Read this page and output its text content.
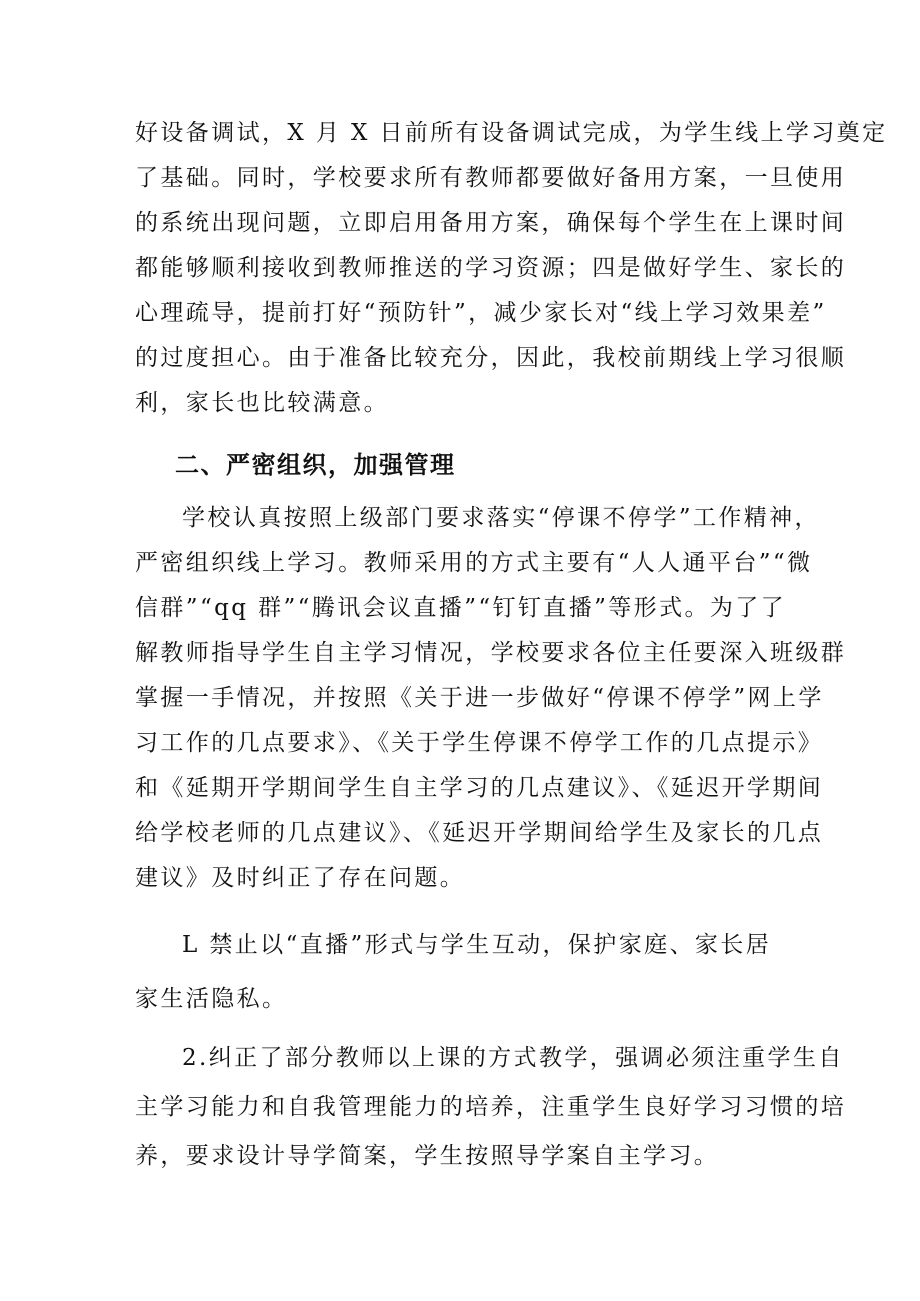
好设备调试，X 月 X 日前所有设备调试完成，为学生线上学习奠定
了基础。同时，学校要求所有教师都要做好备用方案，一旦使用
的系统出现问题，立即启用备用方案，确保每个学生在上课时间
都能够顺利接收到教师推送的学习资源；四是做好学生、家长的
心理疏导，提前打好“预防针”，减少家长对“线上学习效果差”
的过度担心。由于准备比较充分，因此，我校前期线上学习很顺
利，家长也比较满意。
二、严密组织，加强管理
学校认真按照上级部门要求落实“停课不停学”工作精神，
严密组织线上学习。教师采用的方式主要有“人人通平台”“微
信群”“qq 群”“腾讯会议直播”“钉钉直播”等形式。为了了
解教师指导学生自主学习情况，学校要求各位主任要深入班级群
掌握一手情况，并按照《关于进一步做好“停课不停学”网上学
习工作的几点要求》、《关于学生停课不停学工作的几点提示》
和《延期开学期间学生自主学习的几点建议》、《延迟开学期间
给学校老师的几点建议》、《延迟开学期间给学生及家长的几点
建议》及时纠正了存在问题。
L 禁止以“直播”形式与学生互动，保护家庭、家长居
家生活隐私。
2.纠正了部分教师以上课的方式教学，强调必须注重学生自
主学习能力和自我管理能力的培养，注重学生良好学习习惯的培
养，要求设计导学简案，学生按照导学案自主学习。
